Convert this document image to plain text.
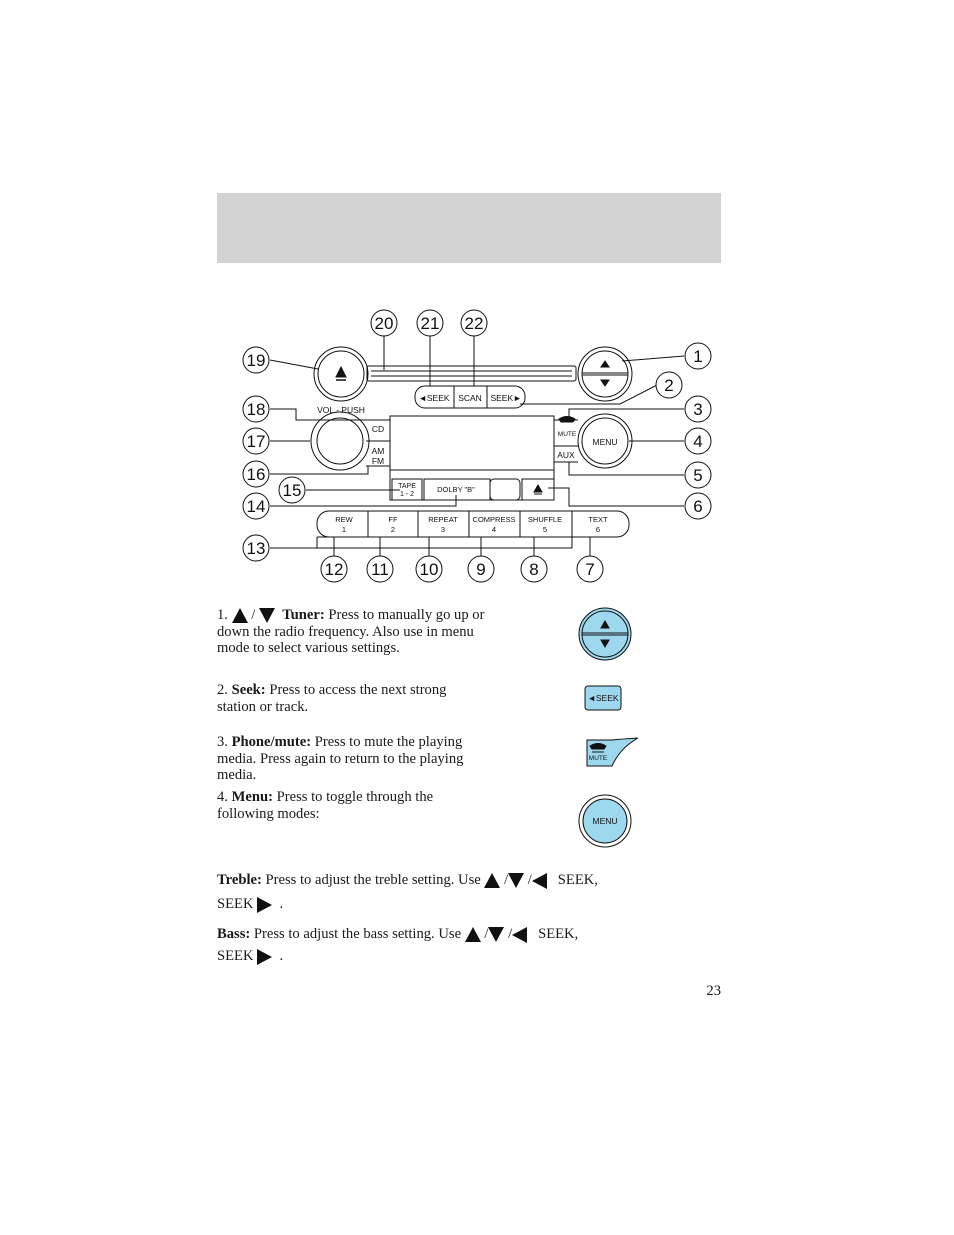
VOL - PUSH
◄SEEK SCAN SEEK►
CD
AM
FM
MENU
MUTE
AUX
TAPE
1 - 2
DOLBY "B"
REW
1
FF
2
REPEAT
3
COMPRESS
4
SHUFFLE
5
TEXT
6
1
2
3
4
5
6
7
8
9
10
11
12
13
14
15
16
17
18
19
20 21 22
◄SEEK
MUTE
MENU
1. / Tuner: Press to manually go up or down the radio frequency. Also use in menu mode to select various settings.
2. Seek: Press to access the next strong station or track.
3. Phone/mute: Press to mute the playing media. Press again to return to the playing media.
4. Menu: Press to toggle through the following modes:
Treble: Press to adjust the treble setting. Use / / SEEK,
SEEK .
Bass: Press to adjust the bass setting. Use / / SEEK,
SEEK .
23
